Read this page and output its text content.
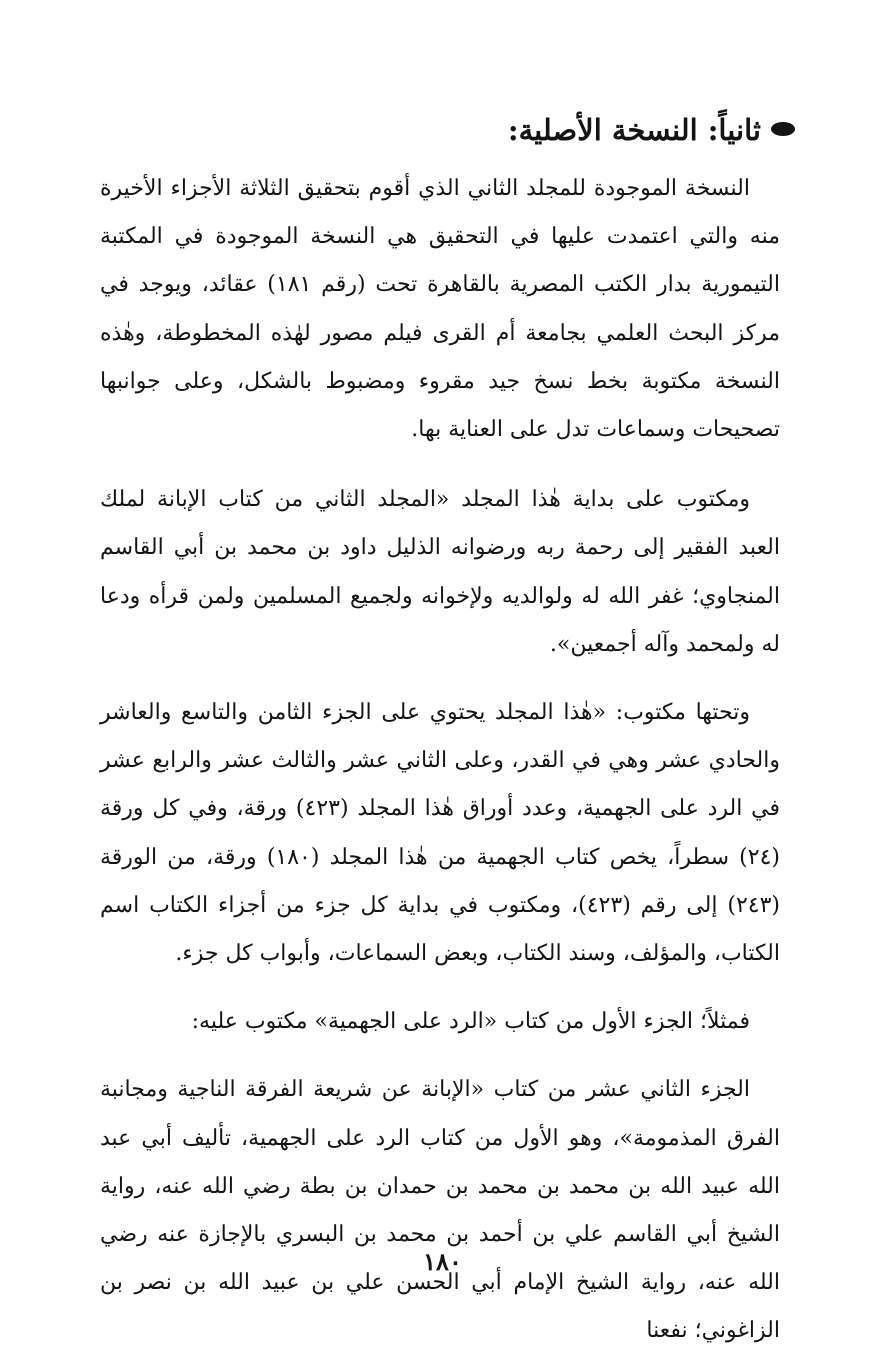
ثانياً: النسخة الأصلية:

النسخة الموجودة للمجلد الثاني الذي أقوم بتحقيق الثلاثة الأجزاء الأخيرة منه والتي اعتمدت عليها في التحقيق هي النسخة الموجودة في المكتبة التيمورية بدار الكتب المصرية بالقاهرة تحت (رقم ١٨١) عقائد، ويوجد في مركز البحث العلمي بجامعة أم القرى فيلم مصور لهٰذه المخطوطة، وهٰذه النسخة مكتوبة بخط نسخ جيد مقروء ومضبوط بالشكل، وعلى جوانبها تصحيحات وسماعات تدل على العناية بها.

ومكتوب على بداية هٰذا المجلد «المجلد الثاني من كتاب الإبانة لملك العبد الفقير إلى رحمة ربه ورضوانه الذليل داود بن محمد بن أبي القاسم المنجاوي؛ غفر الله له ولوالديه ولإخوانه ولجميع المسلمين ولمن قرأه ودعا له ولمحمد وآله أجمعين».

وتحتها مكتوب: «هٰذا المجلد يحتوي على الجزء الثامن والتاسع والعاشر والحادي عشر وهي في القدر، وعلى الثاني عشر والثالث عشر والرابع عشر في الرد على الجهمية، وعدد أوراق هٰذا المجلد (٤٢٣) ورقة، وفي كل ورقة (٢٤) سطراً، يخص كتاب الجهمية من هٰذا المجلد (١٨٠) ورقة، من الورقة (٢٤٣) إلى رقم (٤٢٣)، ومكتوب في بداية كل جزء من أجزاء الكتاب اسم الكتاب، والمؤلف، وسند الكتاب، وبعض السماعات، وأبواب كل جزء.

فمثلاً؛ الجزء الأول من كتاب «الرد على الجهمية» مكتوب عليه:

الجزء الثاني عشر من كتاب «الإبانة عن شريعة الفرقة الناجية ومجانبة الفرق المذمومة»، وهو الأول من كتاب الرد على الجهمية، تأليف أبي عبد الله عبيد الله بن محمد بن محمد بن حمدان بن بطة رضي الله عنه، رواية الشيخ أبي القاسم علي بن أحمد بن محمد بن البسري بالإجازة عنه رضي الله عنه، رواية الشيخ الإمام أبي الحسن علي بن عبيد الله بن نصر بن الزاغوني؛ نفعنا

١٨٠
